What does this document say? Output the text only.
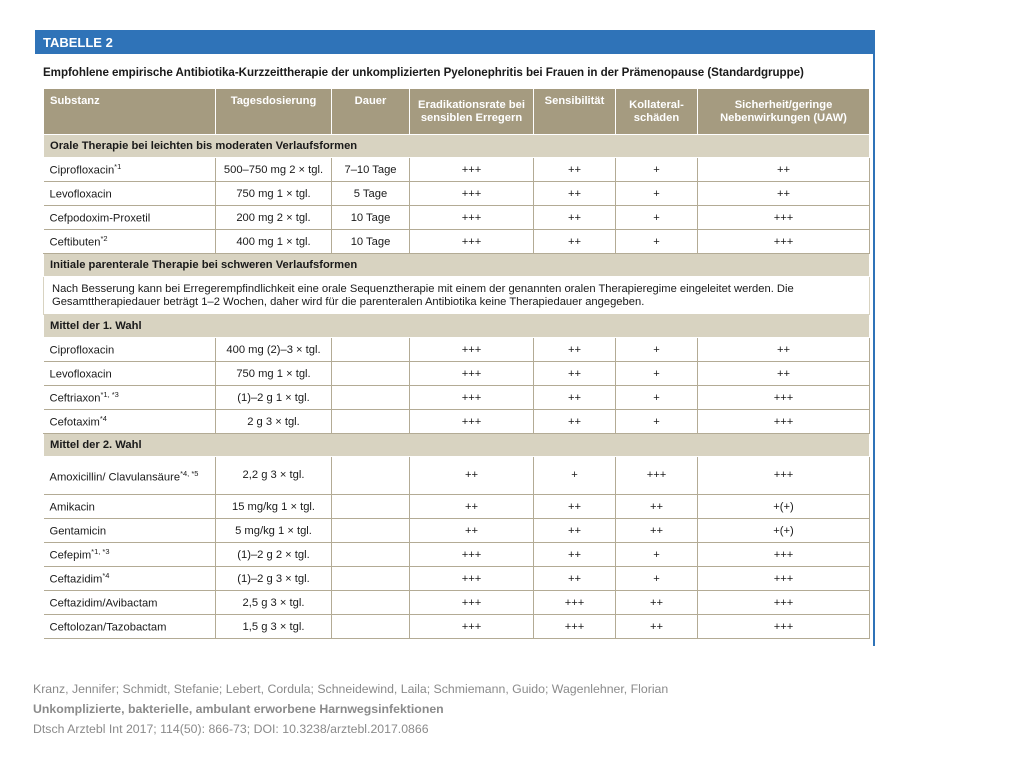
TABELLE 2
Empfohlene empirische Antibiotika-Kurzzeittherapie der unkomplizierten Pyelonephritis bei Frauen in der Prämenopause (Standardgruppe)
Substanz	Tagesdosierung	Dauer	Eradikationsrate bei sensiblen Erregern	Sensibilität	Kollateral-schäden	Sicherheit/geringe Nebenwirkungen (UAW)
Orale Therapie bei leichten bis moderaten Verlaufsformen						
Ciprofloxacin$^{*1}$	500–750 mg 2 × tgl.	7–10 Tage	+++	++	+	++
Levofloxacin	750 mg 1 × tgl.	5 Tage	+++	++	+	++
Cefpodoxim-Proxetil	200 mg 2 × tgl.	10 Tage	+++	++	+	+++
Ceftibuten$^{*2}$	400 mg 1 × tgl.	10 Tage	+++	++	+	+++
Initiale parenterale Therapie bei schweren Verlaufsformen						
Nach Besserung kann bei Erregerempfindlichkeit eine orale Sequenztherapie mit einem der genannten oralen Therapieregime eingeleitet werden. Die Gesamttherapiedauer beträgt 1–2 Wochen, daher wird für die parenteralen Antibiotika keine Therapiedauer angegeben.						
Mittel der 1. Wahl						
Ciprofloxacin	400 mg (2)–3 × tgl.		+++	++	+	++
Levofloxacin	750 mg 1 × tgl.		+++	++	+	++
Ceftriaxon$^{*1, *3}$	(1)–2 g 1 × tgl.		+++	++	+	+++
Cefotaxim$^{*4}$	2 g 3 × tgl.		+++	++	+	+++
Mittel der 2. Wahl						
Amoxicillin/ Clavulansäure$^{*4, *5}$	2,2 g 3 × tgl.		++	+	+++	+++
Amikacin	15 mg/kg 1 × tgl.		++	++	++	+(+)
Gentamicin	5 mg/kg 1 × tgl.		++	++	++	+(+)
Cefepim$^{*1, *3}$	(1)–2 g 2 × tgl.		+++	++	+	+++
Ceftazidim$^{*4}$	(1)–2 g 3 × tgl.		+++	++	+	+++
Ceftazidim/Avibactam	2,5 g 3 × tgl.		+++	+++	++	+++
Ceftolozan/Tazobactam	1,5 g 3 × tgl.		+++	+++	++	+++
Kranz, Jennifer; Schmidt, Stefanie; Lebert, Cordula; Schneidewind, Laila; Schmiemann, Guido; Wagenlehner, Florian
Unkomplizierte, bakterielle, ambulant erworbene Harnwegsinfektionen
Dtsch Arztebl Int 2017; 114(50): 866-73; DOI: 10.3238/arztebl.2017.0866
